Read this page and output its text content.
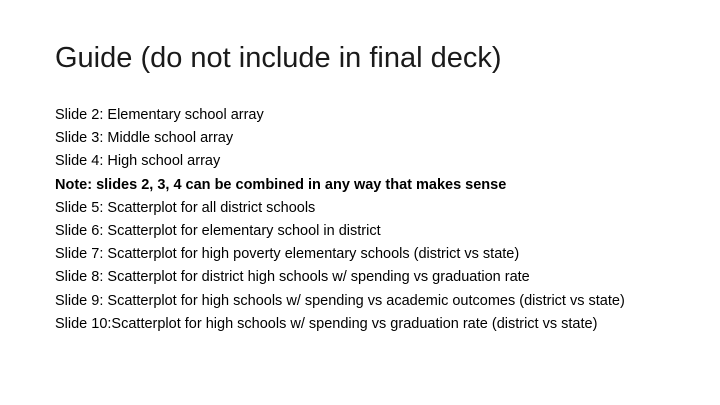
Guide (do not include in final deck)
Slide 2: Elementary school array
Slide 3: Middle school array
Slide 4: High school array
Note: slides 2, 3, 4 can be combined in any way that makes sense
Slide 5: Scatterplot for all district schools
Slide 6: Scatterplot for elementary school in district
Slide 7: Scatterplot for high poverty elementary schools (district vs state)
Slide 8: Scatterplot for district high schools w/ spending vs graduation rate
Slide 9: Scatterplot for high schools w/ spending vs academic outcomes (district vs state)
Slide 10:Scatterplot for high schools w/ spending vs graduation rate (district vs state)
